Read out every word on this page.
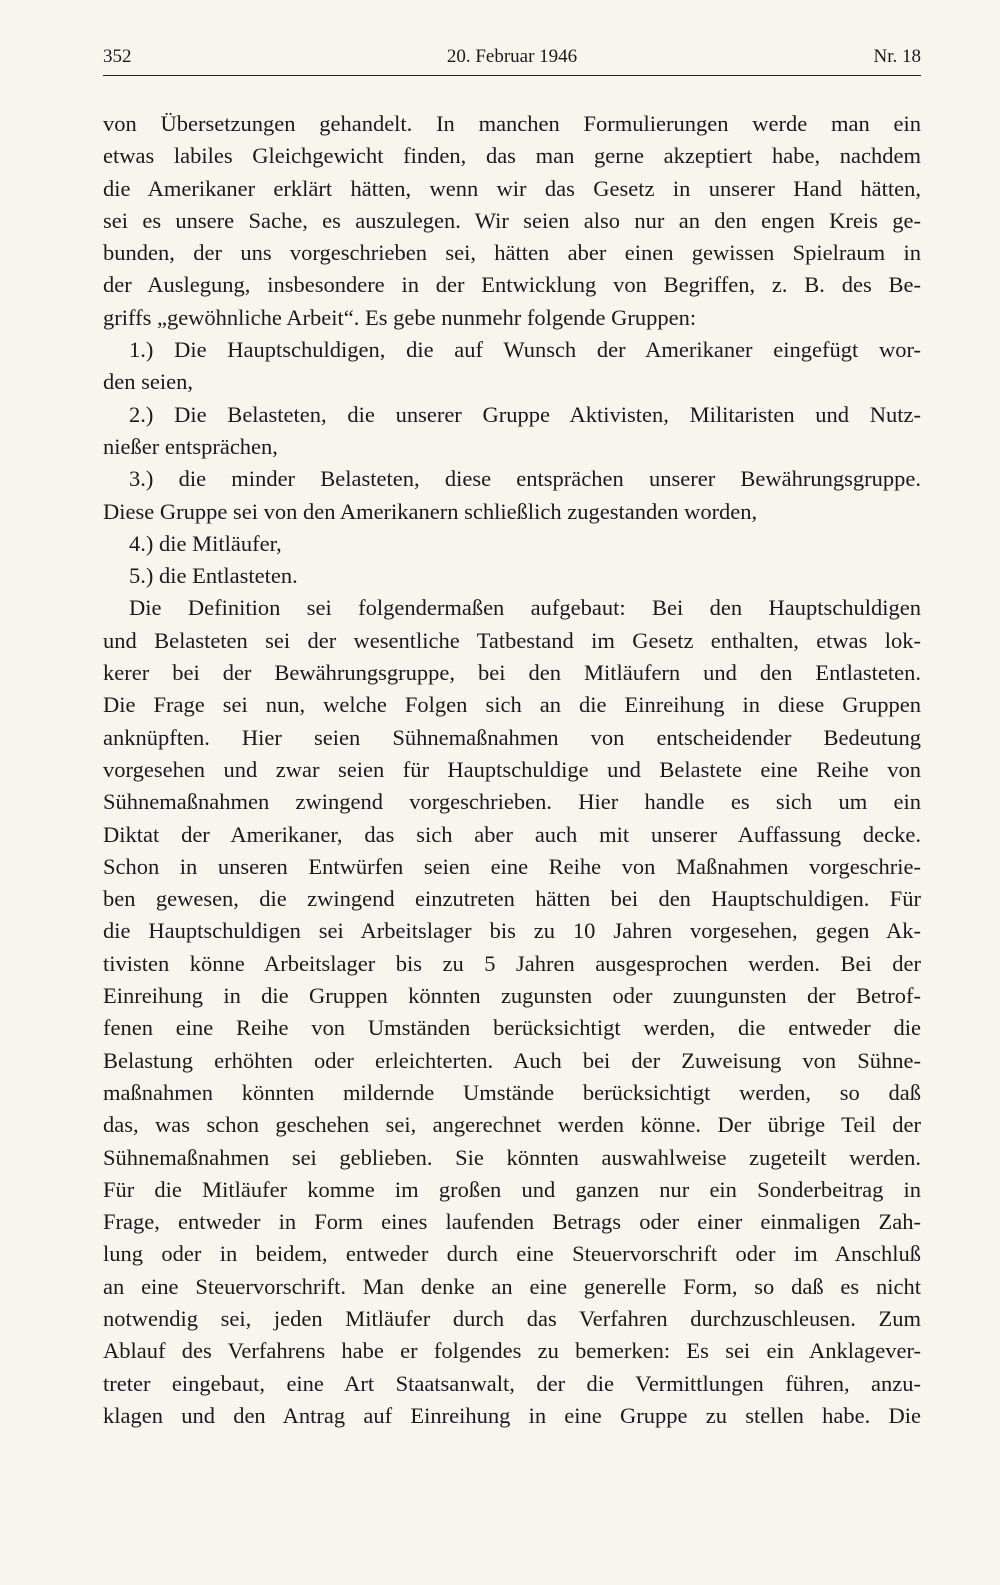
20. Februar 1946
352	Nr. 18
von Übersetzungen gehandelt. In manchen Formulierungen werde man ein
etwas labiles Gleichgewicht finden, das man gerne akzeptiert habe, nachdem
die Amerikaner erklärt hätten, wenn wir das Gesetz in unserer Hand hätten,
sei es unsere Sache, es auszulegen. Wir seien also nur an den engen Kreis ge-
bunden, der uns vorgeschrieben sei, hätten aber einen gewissen Spielraum in
der Auslegung, insbesondere in der Entwicklung von Begriffen, z. B. des Be-
griffs „gewöhnliche Arbeit“. Es gebe nunmehr folgende Gruppen:
1.) Die Hauptschuldigen, die auf Wunsch der Amerikaner eingefügt wor-
den seien,
2.) Die Belasteten, die unserer Gruppe Aktivisten, Militaristen und Nutz-
nießer entsprächen,
3.) die minder Belasteten, diese entsprächen unserer Bewährungsgruppe.
Diese Gruppe sei von den Amerikanern schließlich zugestanden worden,
4.) die Mitläufer,
5.) die Entlasteten.
Die Definition sei folgendermaßen aufgebaut: Bei den Hauptschuldigen
und Belasteten sei der wesentliche Tatbestand im Gesetz enthalten, etwas lok-
kerer bei der Bewährungsgruppe, bei den Mitläufern und den Entlasteten.
Die Frage sei nun, welche Folgen sich an die Einreihung in diese Gruppen
anknüpften. Hier seien Sühnemaßnahmen von entscheidender Bedeutung
vorgesehen und zwar seien für Hauptschuldige und Belastete eine Reihe von
Sühnemaßnahmen zwingend vorgeschrieben. Hier handle es sich um ein
Diktat der Amerikaner, das sich aber auch mit unserer Auffassung decke.
Schon in unseren Entwürfen seien eine Reihe von Maßnahmen vorgeschrie-
ben gewesen, die zwingend einzutreten hätten bei den Hauptschuldigen. Für
die Hauptschuldigen sei Arbeitslager bis zu 10 Jahren vorgesehen, gegen Ak-
tivisten könne Arbeitslager bis zu 5 Jahren ausgesprochen werden. Bei der
Einreihung in die Gruppen könnten zugunsten oder zuungunsten der Betrof-
fenen eine Reihe von Umständen berücksichtigt werden, die entweder die
Belastung erhöhten oder erleichterten. Auch bei der Zuweisung von Sühne-
maßnahmen könnten mildernde Umstände berücksichtigt werden, so daß
das, was schon geschehen sei, angerechnet werden könne. Der übrige Teil der
Sühnemaßnahmen sei geblieben. Sie könnten auswahlweise zugeteilt werden.
Für die Mitläufer komme im großen und ganzen nur ein Sonderbeitrag in
Frage, entweder in Form eines laufenden Betrags oder einer einmaligen Zah-
lung oder in beidem, entweder durch eine Steuervorschrift oder im Anschluß
an eine Steuervorschrift. Man denke an eine generelle Form, so daß es nicht
notwendig sei, jeden Mitläufer durch das Verfahren durchzuschleusen. Zum
Ablauf des Verfahrens habe er folgendes zu bemerken: Es sei ein Anklagever-
treter eingebaut, eine Art Staatsanwalt, der die Vermittlungen führen, anzu-
klagen und den Antrag auf Einreihung in eine Gruppe zu stellen habe. Die
